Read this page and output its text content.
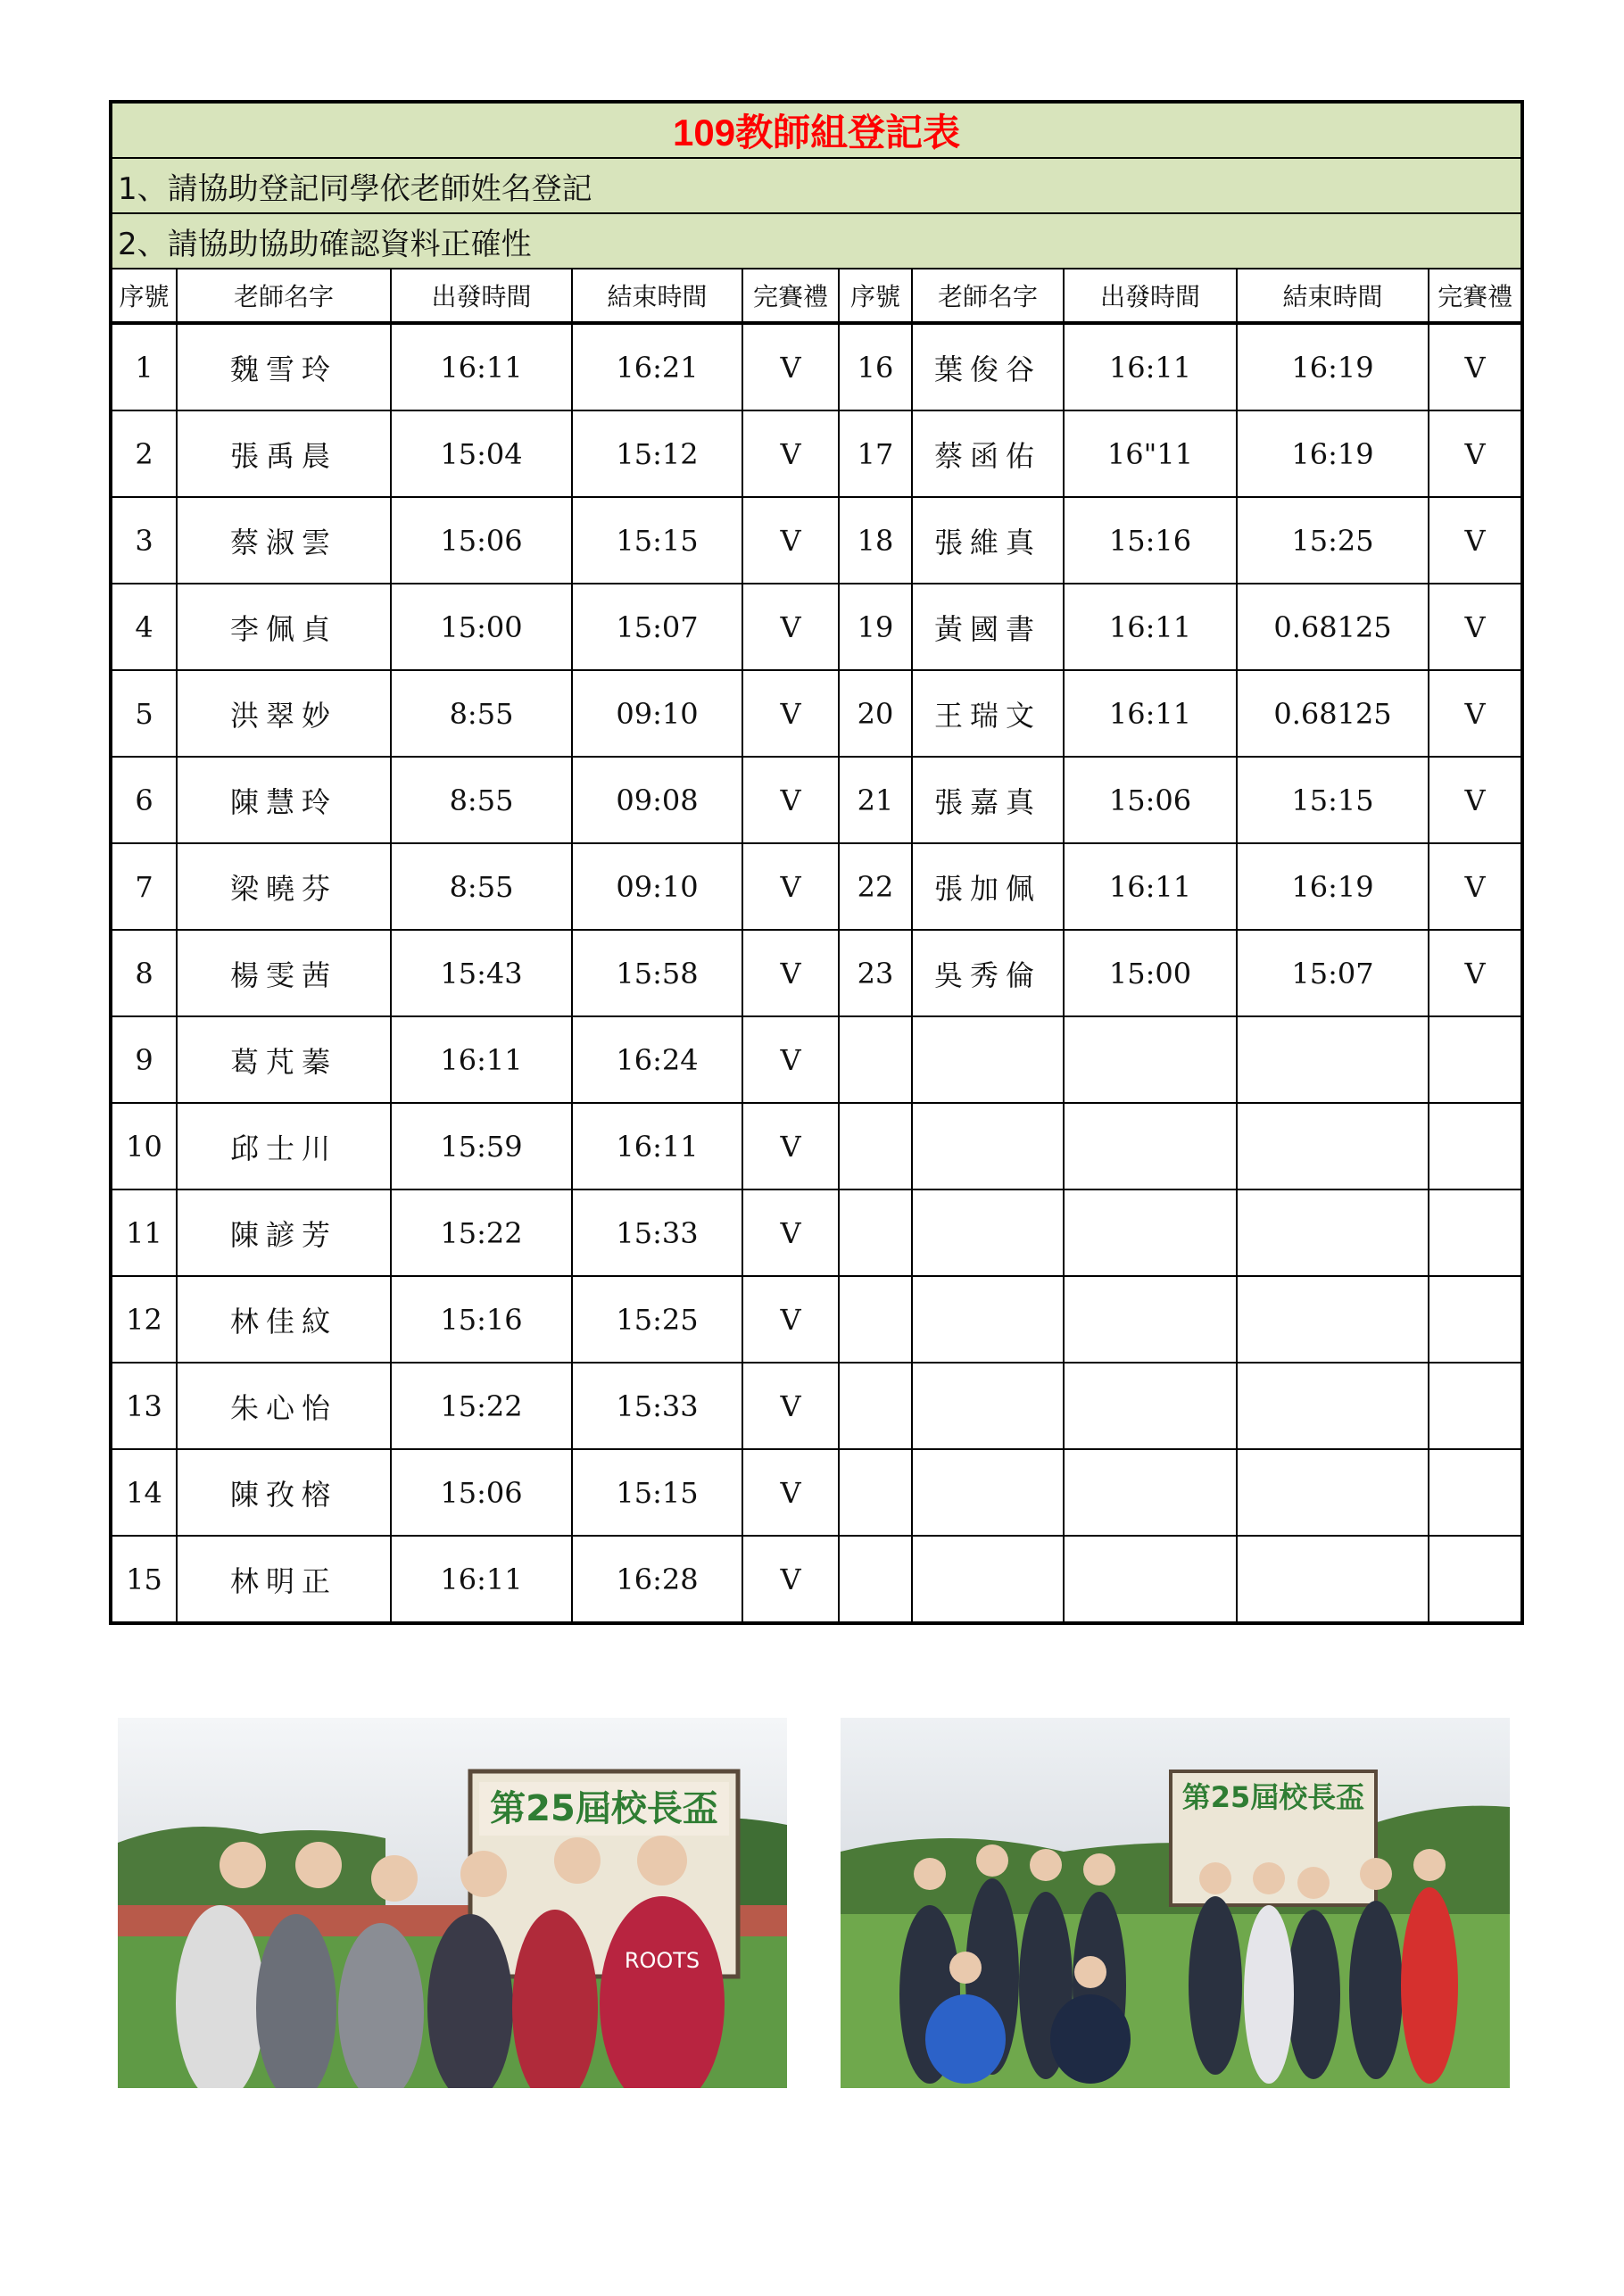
109教師組登記表									
1、請協助登記同學依老師姓名登記									
2、請協助協助確認資料正確性									
序號	老師名字	出發時間	結束時間	完賽禮	序號	老師名字	出發時間	結束時間	完賽禮
1	魏雪玲	16:11	16:21	V	16	葉俊谷	16:11	16:19	V
2	張禹晨	15:04	15:12	V	17	蔡函佑	16"11	16:19	V
3	蔡淑雲	15:06	15:15	V	18	張維真	15:16	15:25	V
4	李佩貞	15:00	15:07	V	19	黃國書	16:11	0.68125	V
5	洪翠妙	8:55	09:10	V	20	王瑞文	16:11	0.68125	V
6	陳慧玲	8:55	09:08	V	21	張嘉真	15:06	15:15	V
7	梁曉芬	8:55	09:10	V	22	張加佩	16:11	16:19	V
8	楊雯茜	15:43	15:58	V	23	吳秀倫	15:00	15:07	V
9	葛芃蓁	16:11	16:24	V					
10	邱士川	15:59	16:11	V					
11	陳諺芳	15:22	15:33	V					
12	林佳紋	15:16	15:25	V					
13	朱心怡	15:22	15:33	V					
14	陳孜榕	15:06	15:15	V					
15	林明正	16:11	16:28	V					
第25屆校長盃
ROOTS
第25屆校長盃
